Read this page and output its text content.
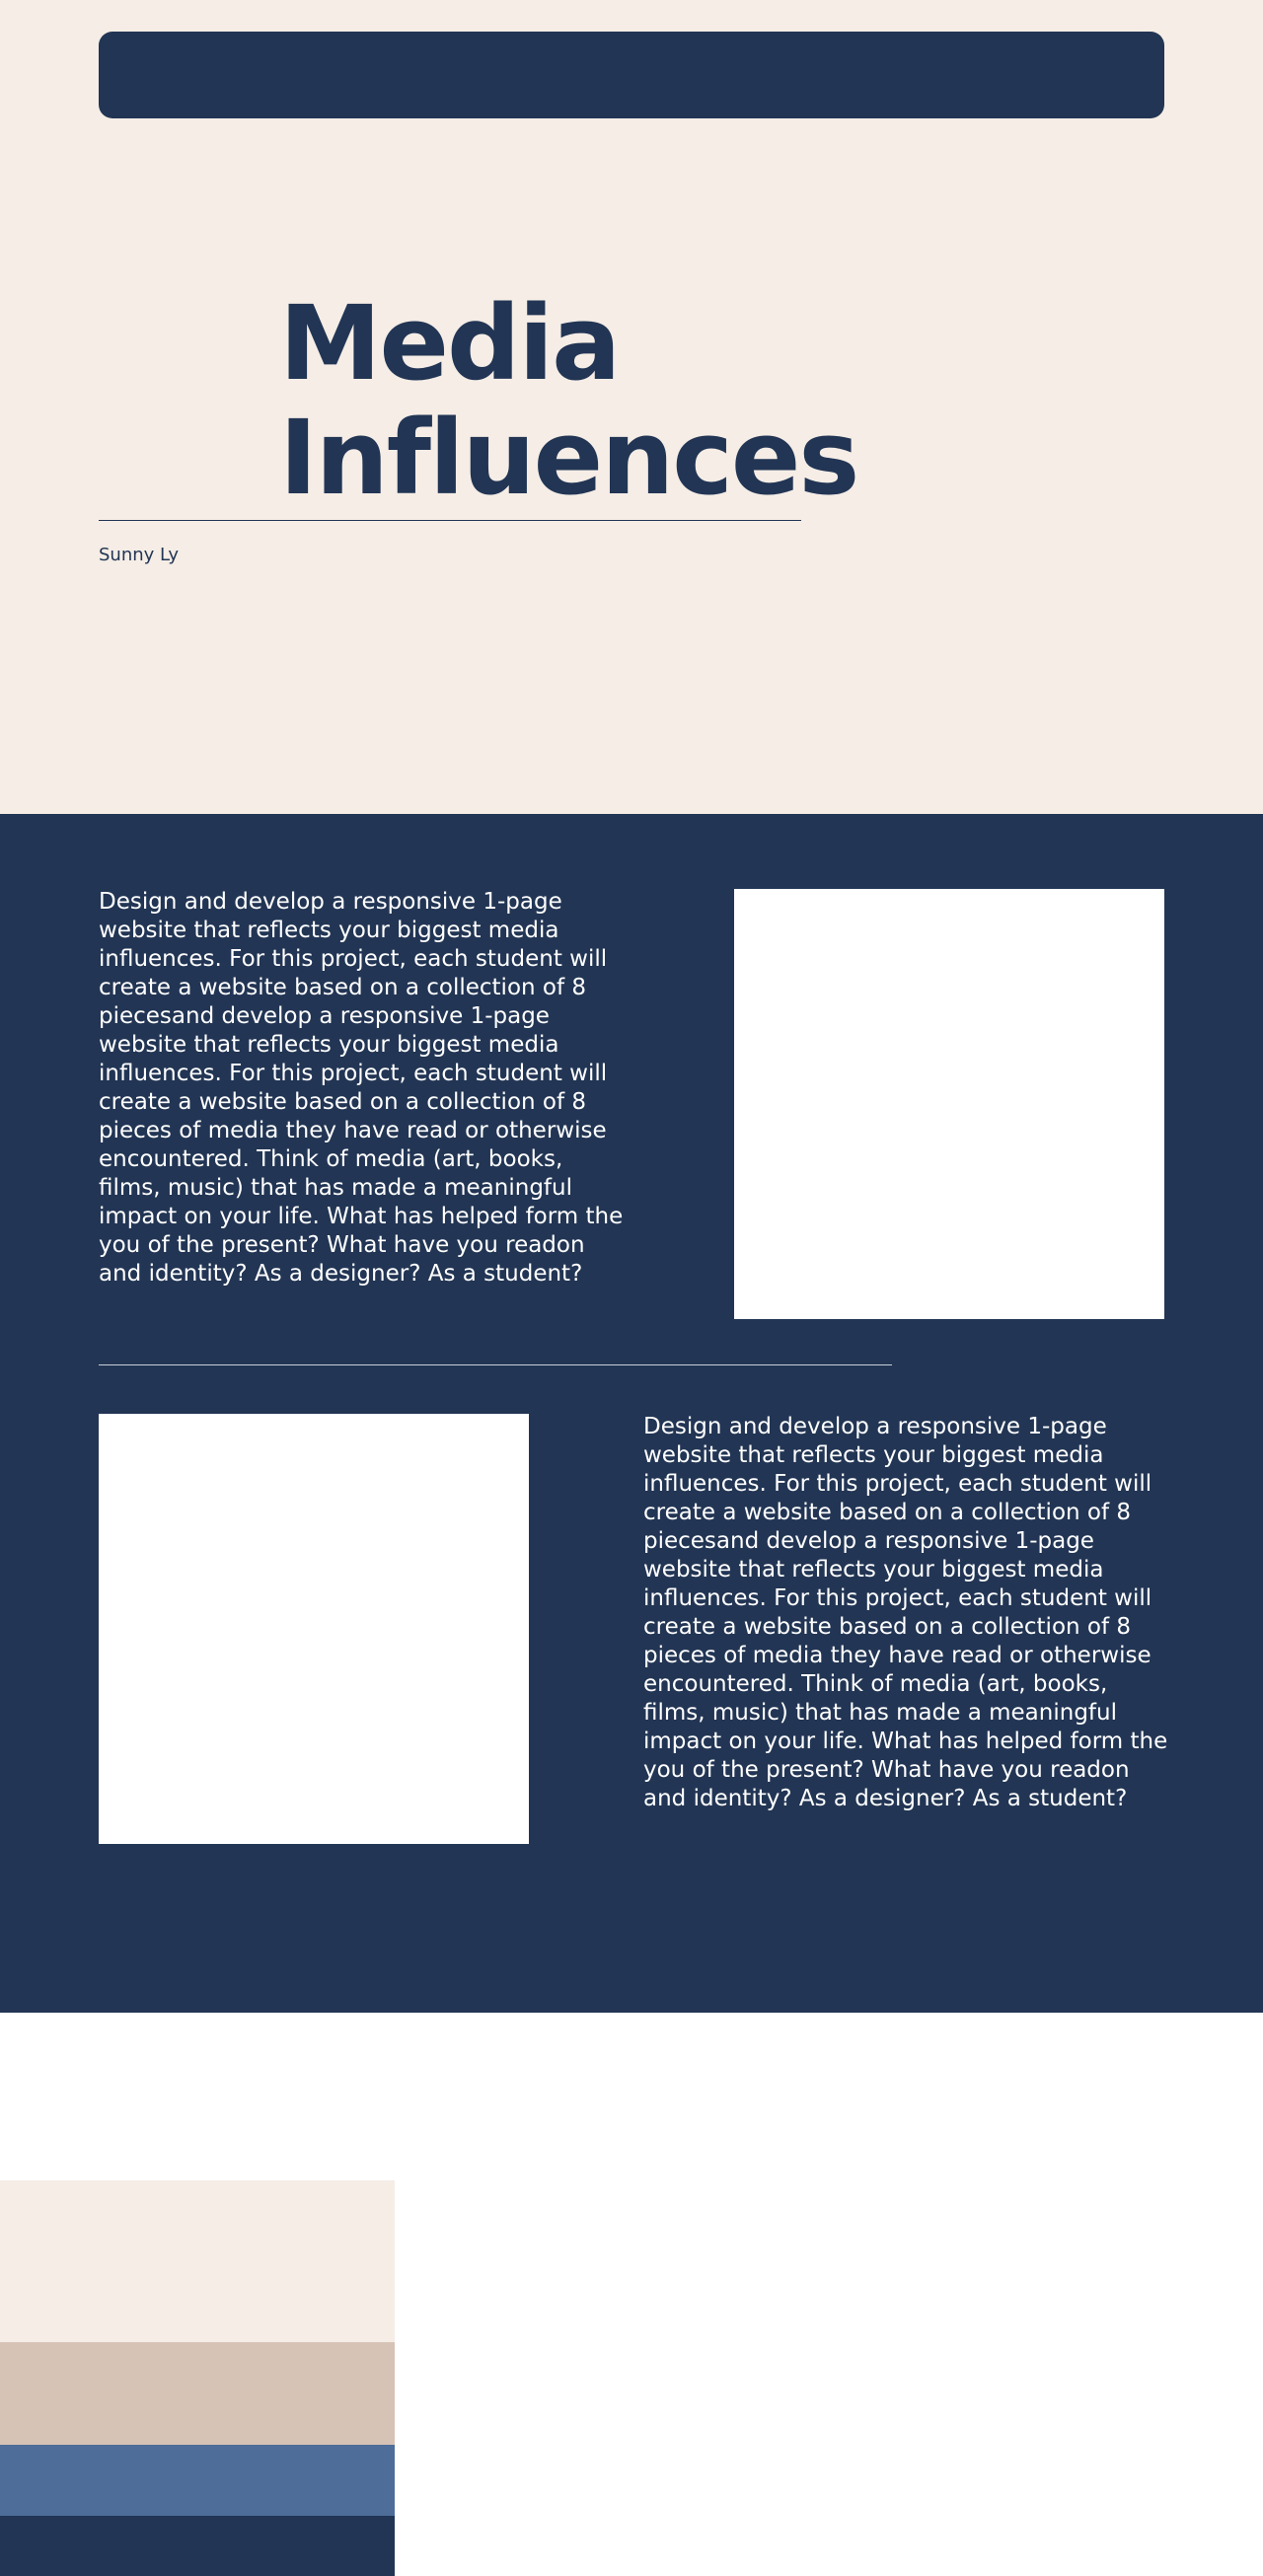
Media
Influences
Sunny Ly

Design and develop a responsive 1-page website that reflects your biggest media influences. For this project, each student will create a website based on a collection of 8 piecesand develop a responsive 1-page website that reflects your biggest media influences. For this project, each student will create a website based on a collection of 8 pieces of media they have read or otherwise encountered. Think of media (art, books, films, music) that has made a meaningful impact on your life. What has helped form the you of the present? What have you readon and identity? As a designer? As a student?

Design and develop a responsive 1-page website that reflects your biggest media influences. For this project, each student will create a website based on a collection of 8 piecesand develop a responsive 1-page website that reflects your biggest media influences. For this project, each student will create a website based on a collection of 8 pieces of media they have read or otherwise encountered. Think of media (art, books, films, music) that has made a meaningful impact on your life. What has helped form the you of the present? What have you readon and identity? As a designer? As a student?
